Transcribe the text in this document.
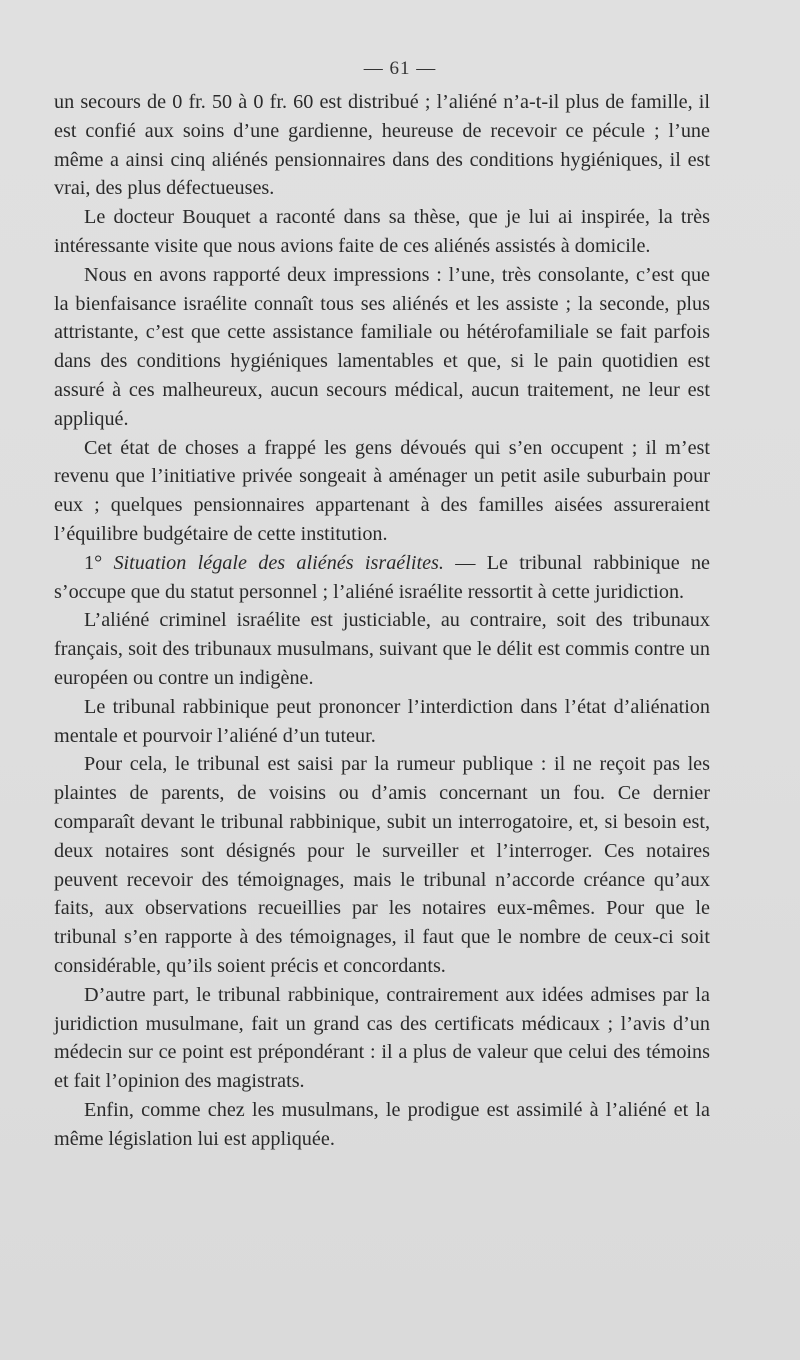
— 61 —

un secours de 0 fr. 50 à 0 fr. 60 est distribué ; l’aliéné n’a-t-il plus de famille, il est confié aux soins d’une gardienne, heureuse de recevoir ce pécule ; l’une même a ainsi cinq aliénés pensionnaires dans des conditions hygiéniques, il est vrai, des plus défectueuses.

Le docteur Bouquet a raconté dans sa thèse, que je lui ai inspirée, la très intéressante visite que nous avions faite de ces aliénés assistés à domicile.

Nous en avons rapporté deux impressions : l’une, très consolante, c’est que la bienfaisance israélite connaît tous ses aliénés et les assiste ; la seconde, plus attristante, c’est que cette assistance familiale ou hétérofamiliale se fait parfois dans des conditions hygiéniques lamentables et que, si le pain quotidien est assuré à ces malheureux, aucun secours médical, aucun traitement, ne leur est appliqué.

Cet état de choses a frappé les gens dévoués qui s’en occupent ; il m’est revenu que l’initiative privée songeait à aménager un petit asile suburbain pour eux ; quelques pensionnaires appartenant à des familles aisées assureraient l’équilibre budgétaire de cette institution.

1° Situation légale des aliénés israélites. — Le tribunal rabbinique ne s’occupe que du statut personnel ; l’aliéné israélite ressortit à cette juridiction.

L’aliéné criminel israélite est justiciable, au contraire, soit des tribunaux français, soit des tribunaux musulmans, suivant que le délit est commis contre un européen ou contre un indigène.

Le tribunal rabbinique peut prononcer l’interdiction dans l’état d’aliénation mentale et pourvoir l’aliéné d’un tuteur.

Pour cela, le tribunal est saisi par la rumeur publique : il ne reçoit pas les plaintes de parents, de voisins ou d’amis concernant un fou. Ce dernier comparaît devant le tribunal rabbinique, subit un interrogatoire, et, si besoin est, deux notaires sont désignés pour le surveiller et l’interroger. Ces notaires peuvent recevoir des témoignages, mais le tribunal n’accorde créance qu’aux faits, aux observations recueillies par les notaires eux-mêmes. Pour que le tribunal s’en rapporte à des témoignages, il faut que le nombre de ceux-ci soit considérable, qu’ils soient précis et concordants.

D’autre part, le tribunal rabbinique, contrairement aux idées admises par la juridiction musulmane, fait un grand cas des certificats médicaux ; l’avis d’un médecin sur ce point est prépondérant : il a plus de valeur que celui des témoins et fait l’opinion des magistrats.

Enfin, comme chez les musulmans, le prodigue est assimilé à l’aliéné et la même législation lui est appliquée.
